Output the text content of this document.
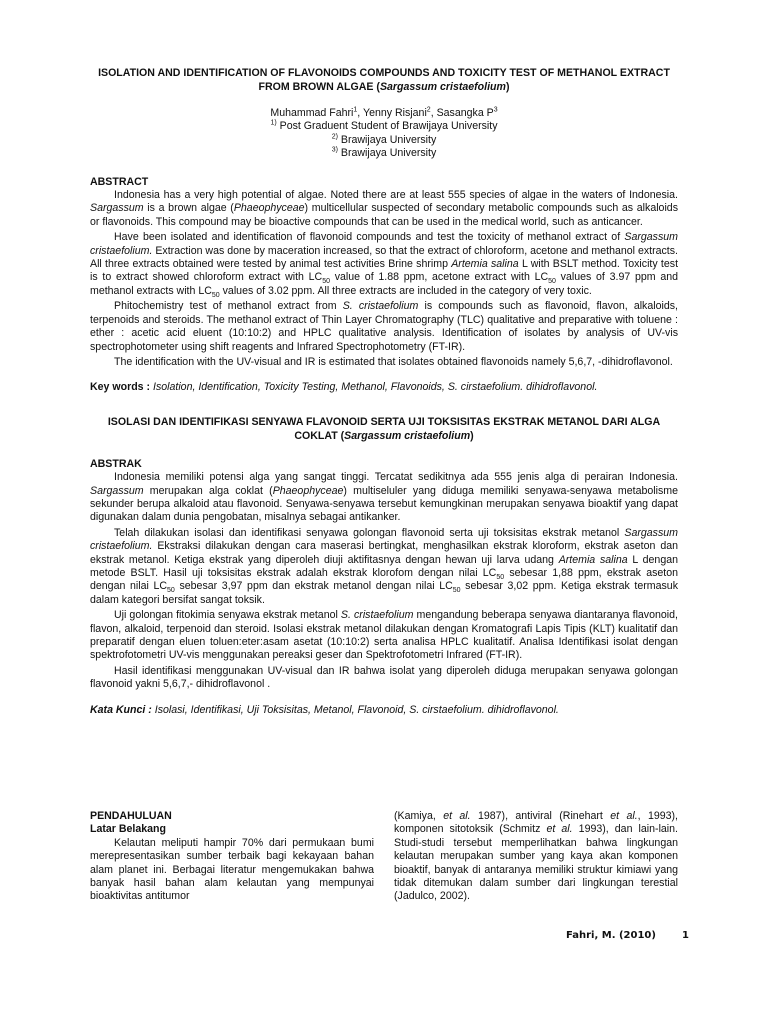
ISOLATION AND IDENTIFICATION OF FLAVONOIDS COMPOUNDS AND TOXICITY TEST OF METHANOL EXTRACT FROM BROWN ALGAE (Sargassum cristaefolium)
Muhammad Fahri$^1$, Yenny Risjani$^2$, Sasangka $P^3$
$^{1)}$ Post Graduent Student of Brawijaya University
$^{2)}$ Brawijaya University
$^{3)}$ Brawijaya University
ABSTRACT

Indonesia has a very high potential of algae. Noted there are at least 555 species of algae in the waters of Indonesia. Sargassum is a brown algae (Phaeophyceae) multicellular suspected of secondary metabolic compounds such as alkaloids or flavonoids. This compound may be bioactive compounds that can be used in the medical world, such as anticancer.

Have been isolated and identification of flavonoid compounds and test the toxicity of methanol extract of Sargassum cristaefolium. Extraction was done by maceration increased, so that the extract of chloroform, acetone and methanol extracts. All three extracts obtained were tested by animal test activities Brine shrimp Artemia salina L with BSLT method. Toxicity test is to extract showed chloroform extract with $LC_{50}$ value of 1.88 ppm, acetone extract with $LC_{50}$ values of 3.97 ppm and methanol extracts with $LC_{50}$ values of 3.02 ppm. All three extracts are included in the category of very toxic.

Phitochemistry test of methanol extract from S. cristaefolium is compounds such as flavonoid, flavon, alkaloids, terpenoids and steroids. The methanol extract of Thin Layer Chromatography (TLC) qualitative and preparative with toluene : ether : acetic acid eluent (10:10:2) and HPLC qualitative analysis. Identification of isolates by analysis of UV-vis spectrophotometer using shift reagents and Infrared Spectrophotometry (FT-IR).

The identification with the UV-visual and IR is estimated that isolates obtained flavonoids namely 5,6,7, -dihidroflavonol.

Key words : Isolation, Identification, Toxicity Testing, Methanol, Flavonoids, S. cirstaefolium. dihidroflavonol.
ISOLASI DAN IDENTIFIKASI SENYAWA FLAVONOID SERTA UJI TOKSISITAS EKSTRAK METANOL DARI ALGA COKLAT (Sargassum cristaefolium)
ABSTRAK

Indonesia memiliki potensi alga yang sangat tinggi. Tercatat sedikitnya ada 555 jenis alga di perairan Indonesia. Sargassum merupakan alga coklat (Phaeophyceae) multiseluler yang diduga memiliki senyawa-senyawa metabolisme sekunder berupa alkaloid atau flavonoid. Senyawa-senyawa tersebut kemungkinan merupakan senyawa bioaktif yang dapat digunakan dalam dunia pengobatan, misalnya sebagai antikanker.

Telah dilakukan isolasi dan identifikasi senyawa golongan flavonoid serta uji toksisitas ekstrak metanol Sargassum cristaefolium. Ekstraksi dilakukan dengan cara maserasi bertingkat, menghasilkan ekstrak kloroform, ekstrak aseton dan ekstrak metanol. Ketiga ekstrak yang diperoleh diuji aktifitasnya dengan hewan uji larva udang Artemia salina L dengan metode BSLT. Hasil uji toksisitas ekstrak adalah ekstrak klorofom dengan nilai $LC_{50}$ sebesar 1,88 ppm, ekstrak aseton dengan nilai $LC_{50}$ sebesar 3,97 ppm dan ekstrak metanol dengan nilai $LC_{50}$ sebesar 3,02 ppm. Ketiga ekstrak termasuk dalam kategori bersifat sangat toksik.

Uji golongan fitokimia senyawa ekstrak metanol S. cristaefolium mengandung beberapa senyawa diantaranya flavonoid, flavon, alkaloid, terpenoid dan steroid. Isolasi ekstrak metanol dilakukan dengan Kromatografi Lapis Tipis (KLT) kualitatif dan preparatif dengan eluen toluen:eter:asam asetat (10:10:2) serta analisa HPLC kualitatif. Analisa Identifikasi isolat dengan spektrofotometri UV-vis menggunakan pereaksi geser dan Spektrofotometri Infrared (FT-IR).

Hasil identifikasi menggunakan UV-visual dan IR bahwa isolat yang diperoleh diduga merupakan senyawa golongan flavonoid yakni 5,6,7,- dihidroflavonol .

Kata Kunci : Isolasi, Identifikasi, Uji Toksisitas, Metanol, Flavonoid, S. cirstaefolium. dihidroflavonol.
PENDAHULUAN
Latar Belakang

Kelautan meliputi hampir 70% dari permukaan bumi merepresentasikan sumber terbaik bagi kekayaan bahan alam planet ini. Berbagai literatur mengemukakan bahwa banyak hasil bahan alam kelautan yang mempunyai bioaktivitas antitumor

(Kamiya, et al. 1987), antiviral (Rinehart et al., 1993), komponen sitotoksik (Schmitz et al. 1993), dan lain-lain. Studi-studi tersebut memperlihatkan bahwa lingkungan kelautan merupakan sumber yang kaya akan komponen bioaktif, banyak di antaranya memiliki struktur kimiawi yang tidak ditemukan dalam sumber dari lingkungan terestial (Jadulco, 2002).

Fahri, M. (2010)	1
